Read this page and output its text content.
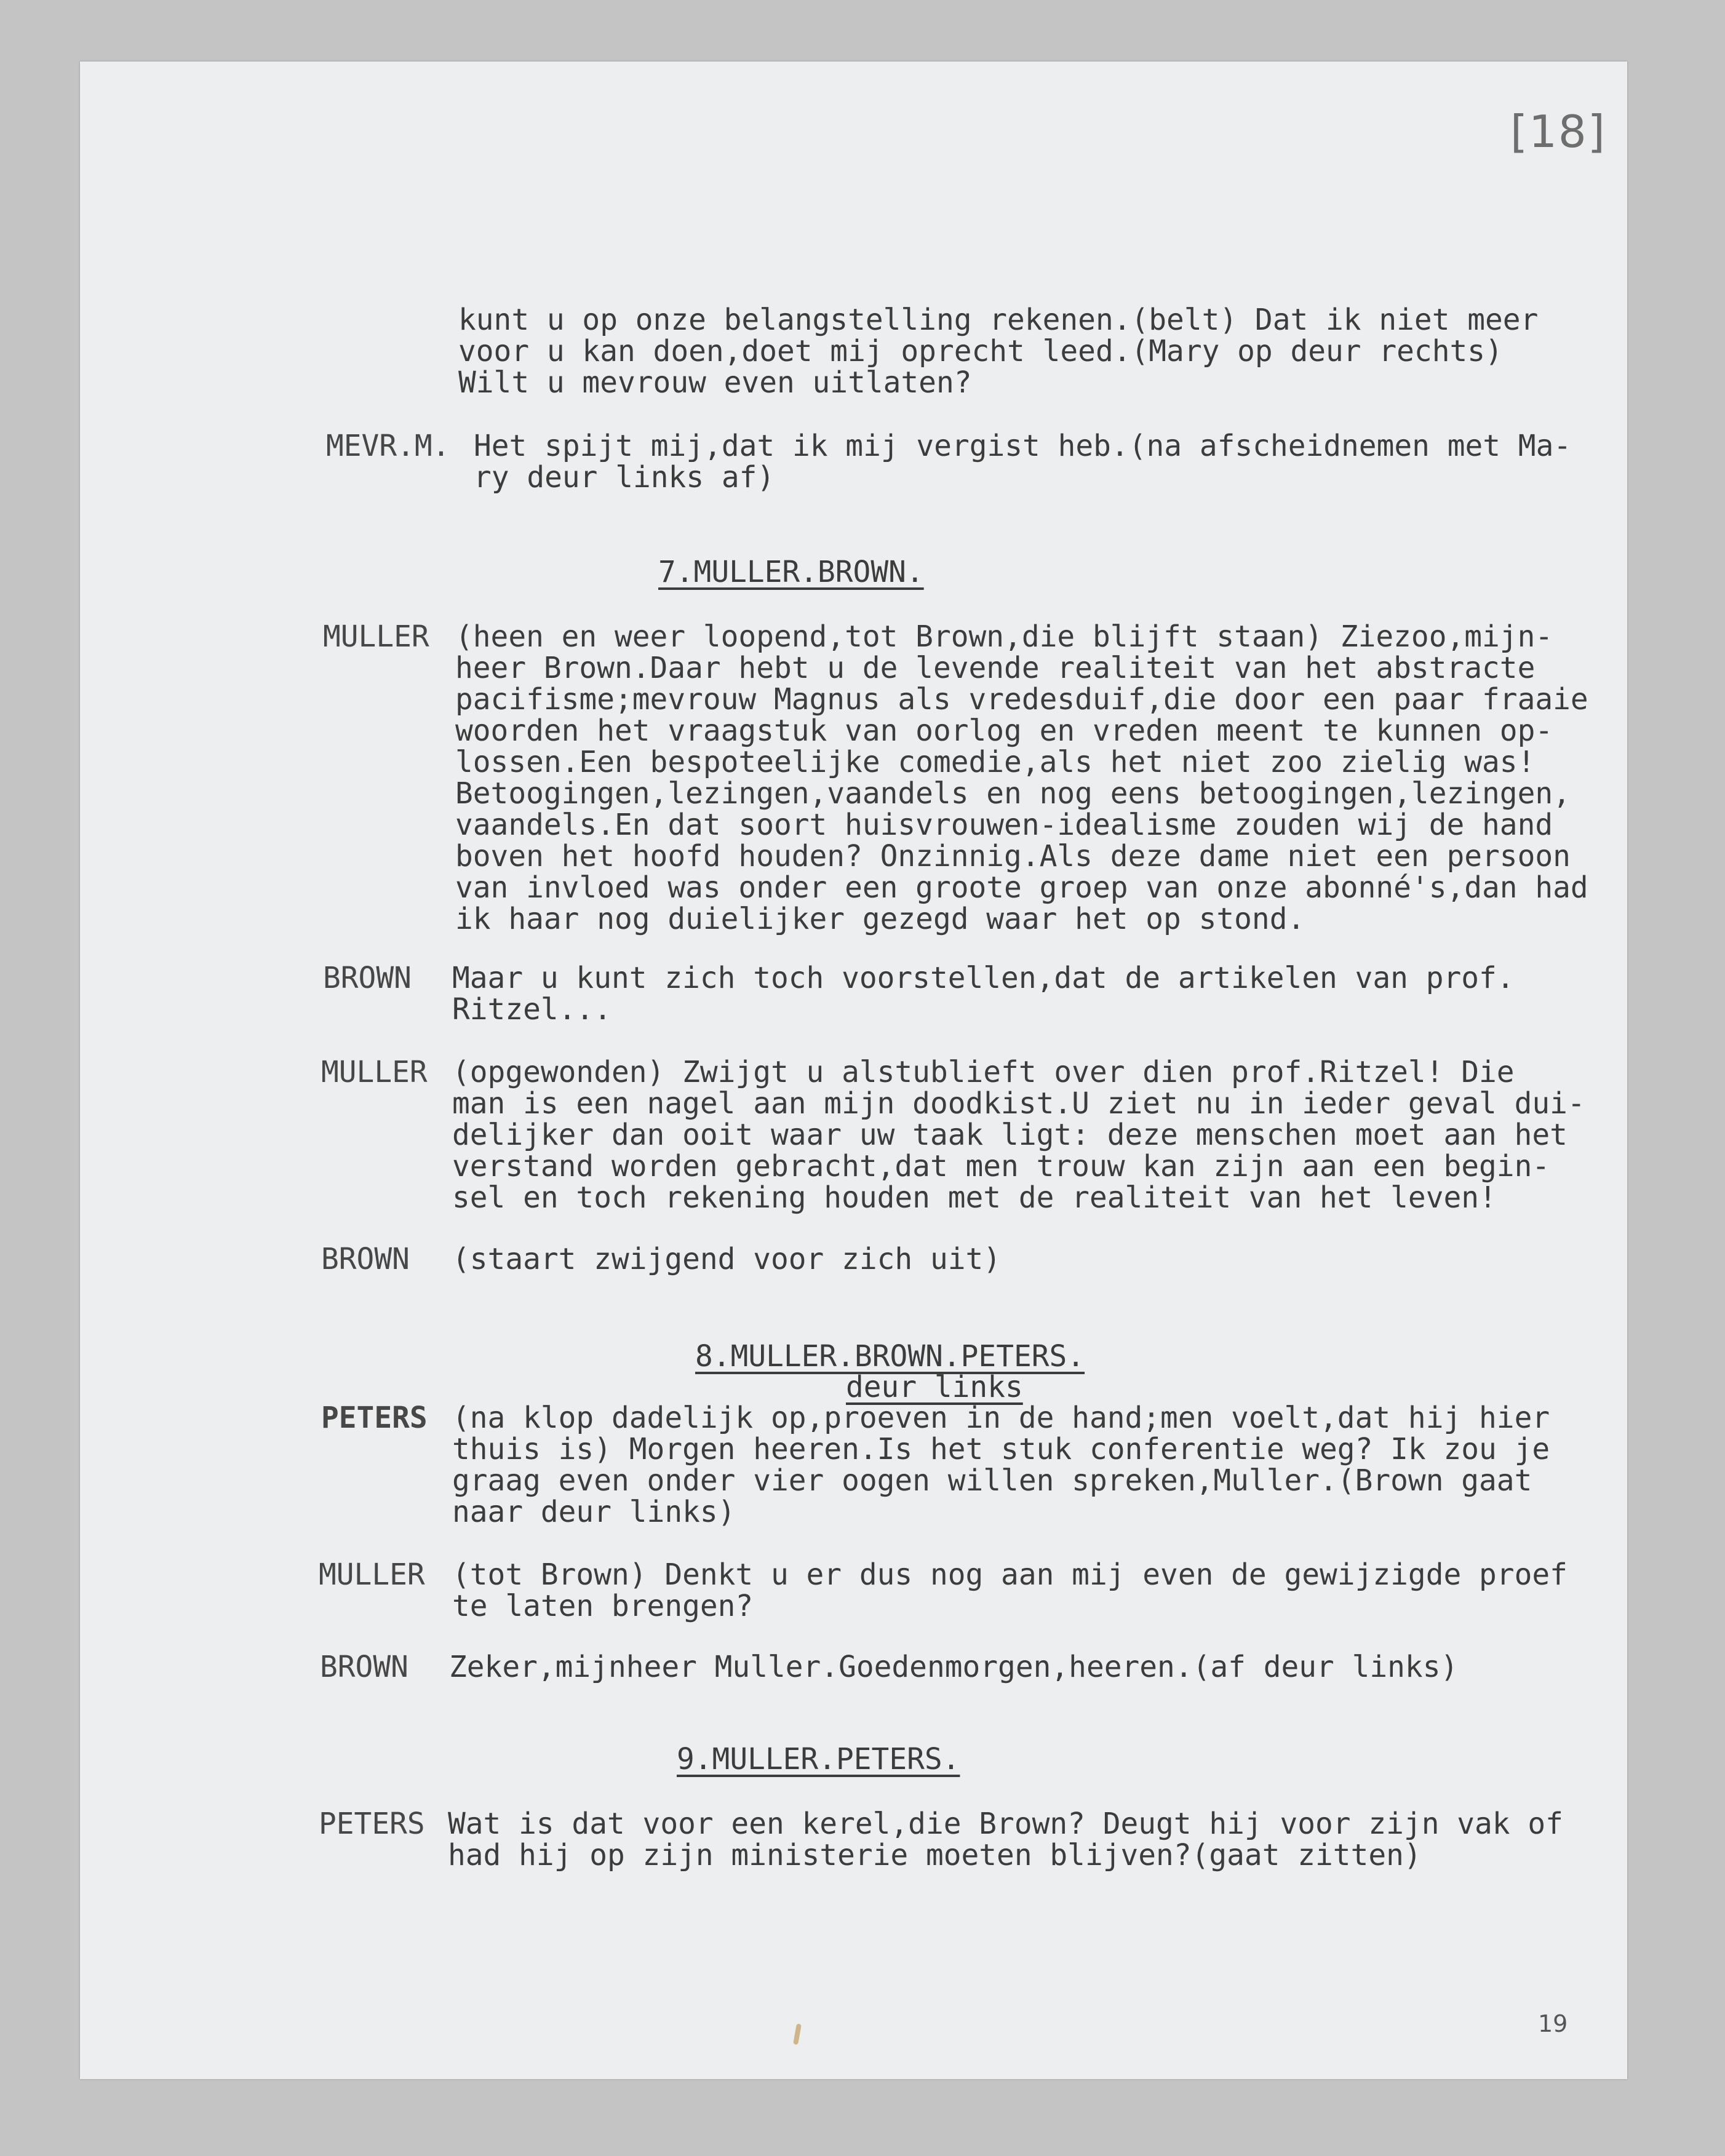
[18]
19
kunt u op onze belangstelling rekenen.(belt) Dat ik niet meer
voor u kan doen,doet mij oprecht leed.(Mary op deur rechts)
Wilt u mevrouw even uitlaten?
MEVR.M. Het spijt mij,dat ik mij vergist heb.(na afscheidnemen met Ma-
ry deur links af)
7.MULLER.BROWN.
MULLER (heen en weer loopend,tot Brown,die blijft staan) Ziezoo,mijn-
heer Brown.Daar hebt u de levende realiteit van het abstracte
pacifisme;mevrouw Magnus als vredesduif,die door een paar fraaie
woorden het vraagstuk van oorlog en vreden meent te kunnen op-
lossen.Een bespoteelijke comedie,als het niet zoo zielig was!
Betoogingen,lezingen,vaandels en nog eens betoogingen,lezingen,
vaandels.En dat soort huisvrouwen-idealisme zouden wij de hand
boven het hoofd houden? Onzinnig.Als deze dame niet een persoon
van invloed was onder een groote groep van onze abonné's,dan had
ik haar nog duielijker gezegd waar het op stond.
BROWN Maar u kunt zich toch voorstellen,dat de artikelen van prof.
Ritzel...
MULLER (opgewonden) Zwijgt u alstublieft over dien prof.Ritzel! Die
man is een nagel aan mijn doodkist.U ziet nu in ieder geval dui-
delijker dan ooit waar uw taak ligt: deze menschen moet aan het
verstand worden gebracht,dat men trouw kan zijn aan een begin-
sel en toch rekening houden met de realiteit van het leven!
BROWN (staart zwijgend voor zich uit)
8.MULLER.BROWN.PETERS.
deur links
PETERS (na klop dadelijk op,proeven in de hand;men voelt,dat hij hier
thuis is) Morgen heeren.Is het stuk conferentie weg? Ik zou je
graag even onder vier oogen willen spreken,Muller.(Brown gaat
naar deur links)
MULLER (tot Brown) Denkt u er dus nog aan mij even de gewijzigde proef
te laten brengen?
BROWN Zeker,mijnheer Muller.Goedenmorgen,heeren.(af deur links)
9.MULLER.PETERS.
PETERS Wat is dat voor een kerel,die Brown? Deugt hij voor zijn vak of
had hij op zijn ministerie moeten blijven?(gaat zitten)
